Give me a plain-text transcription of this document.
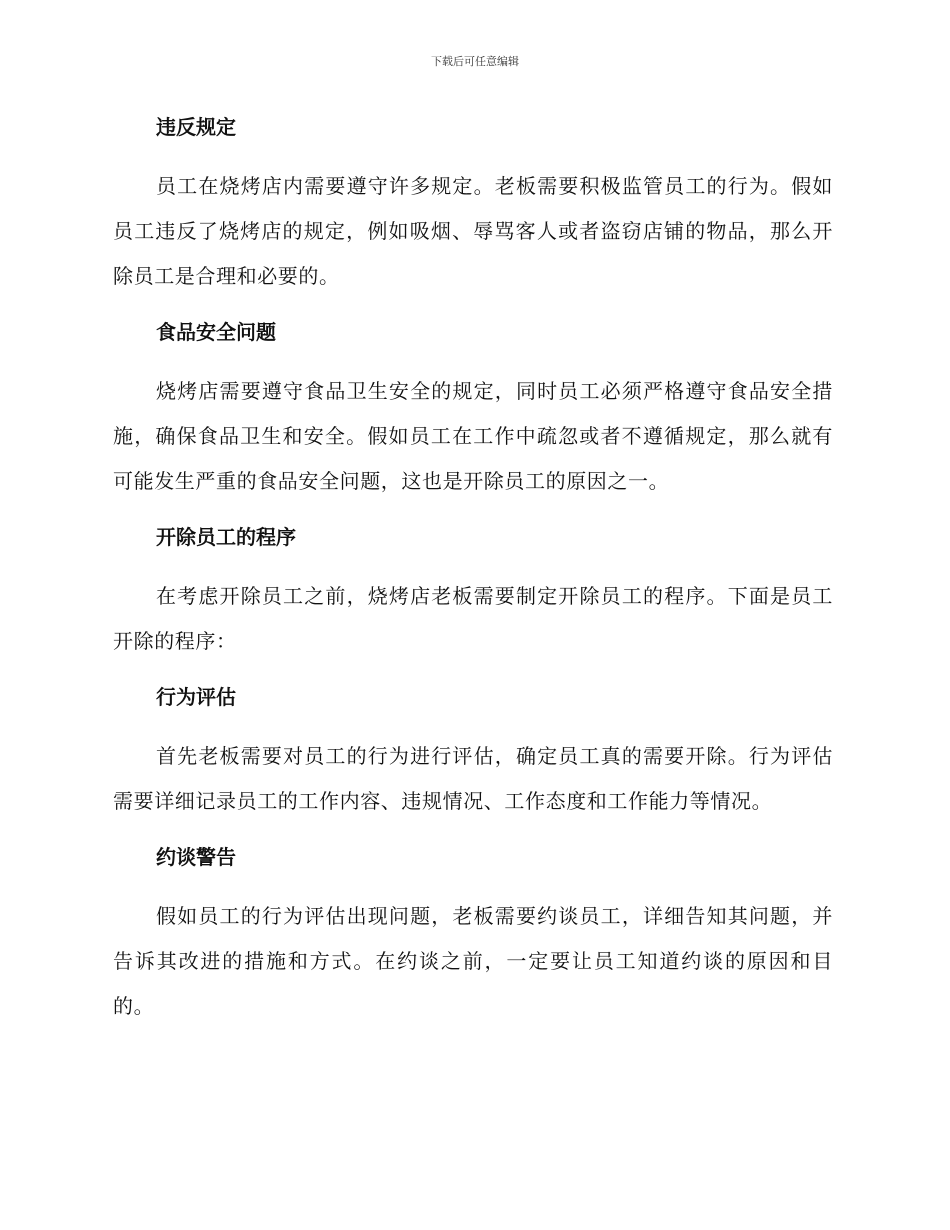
下载后可任意编辑
违反规定

员工在烧烤店内需要遵守许多规定。老板需要积极监管员工的行为。假如员工违反了烧烤店的规定，例如吸烟、辱骂客人或者盗窃店铺的物品，那么开除员工是合理和必要的。

食品安全问题

烧烤店需要遵守食品卫生安全的规定，同时员工必须严格遵守食品安全措施，确保食品卫生和安全。假如员工在工作中疏忽或者不遵循规定，那么就有可能发生严重的食品安全问题，这也是开除员工的原因之一。

开除员工的程序

在考虑开除员工之前，烧烤店老板需要制定开除员工的程序。下面是员工开除的程序：

行为评估

首先老板需要对员工的行为进行评估，确定员工真的需要开除。行为评估需要详细记录员工的工作内容、违规情况、工作态度和工作能力等情况。

约谈警告

假如员工的行为评估出现问题，老板需要约谈员工，详细告知其问题，并告诉其改进的措施和方式。在约谈之前，一定要让员工知道约谈的原因和目的。
